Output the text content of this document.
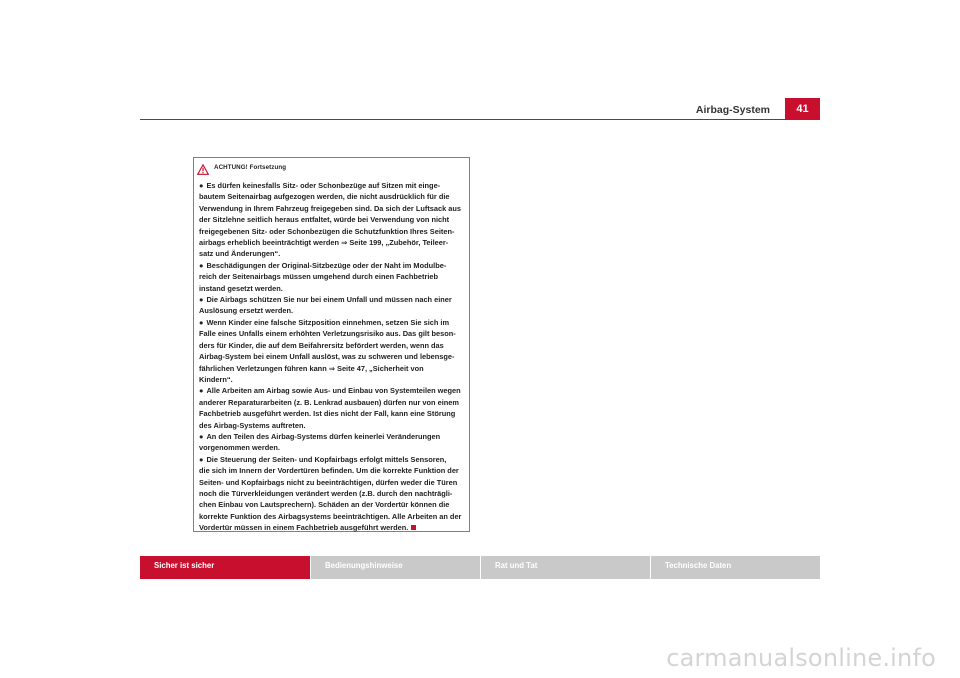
Airbag-System	41
ACHTUNG! Fortsetzung

● Es dürfen keinesfalls Sitz- oder Schonbezüge auf Sitzen mit einge-
bautem Seitenairbag aufgezogen werden, die nicht ausdrücklich für die
Verwendung in Ihrem Fahrzeug freigegeben sind. Da sich der Luftsack aus
der Sitzlehne seitlich heraus entfaltet, würde bei Verwendung von nicht
freigegebenen Sitz- oder Schonbezügen die Schutzfunktion Ihres Seiten-
airbags erheblich beeinträchtigt werden ⇒ Seite 199, „Zubehör, Teileer-
satz und Änderungen“.

● Beschädigungen der Original-Sitzbezüge oder der Naht im Modulbe-
reich der Seitenairbags müssen umgehend durch einen Fachbetrieb
instand gesetzt werden.

● Die Airbags schützen Sie nur bei einem Unfall und müssen nach einer
Auslösung ersetzt werden.

● Wenn Kinder eine falsche Sitzposition einnehmen, setzen Sie sich im
Falle eines Unfalls einem erhöhten Verletzungsrisiko aus. Das gilt beson-
ders für Kinder, die auf dem Beifahrersitz befördert werden, wenn das
Airbag-System bei einem Unfall auslöst, was zu schweren und lebensge-
fährlichen Verletzungen führen kann ⇒ Seite 47, „Sicherheit von
Kindern“.

● Alle Arbeiten am Airbag sowie Aus- und Einbau von Systemteilen wegen
anderer Reparaturarbeiten (z. B. Lenkrad ausbauen) dürfen nur von einem
Fachbetrieb ausgeführt werden. Ist dies nicht der Fall, kann eine Störung
des Airbag-Systems auftreten.

● An den Teilen des Airbag-Systems dürfen keinerlei Veränderungen
vorgenommen werden.

● Die Steuerung der Seiten- und Kopfairbags erfolgt mittels Sensoren,
die sich im Innern der Vordertüren befinden. Um die korrekte Funktion der
Seiten- und Kopfairbags nicht zu beeinträchtigen, dürfen weder die Türen
noch die Türverkleidungen verändert werden (z.B. durch den nachträgli-
chen Einbau von Lautsprechern). Schäden an der Vordertür können die
korrekte Funktion des Airbagsystems beeinträchtigen. Alle Arbeiten an der
Vordertür müssen in einem Fachbetrieb ausgeführt werden.

Sicher ist sicher	Bedienungshinweise	Rat und Tat	Technische Daten
carmanualsonline.info
